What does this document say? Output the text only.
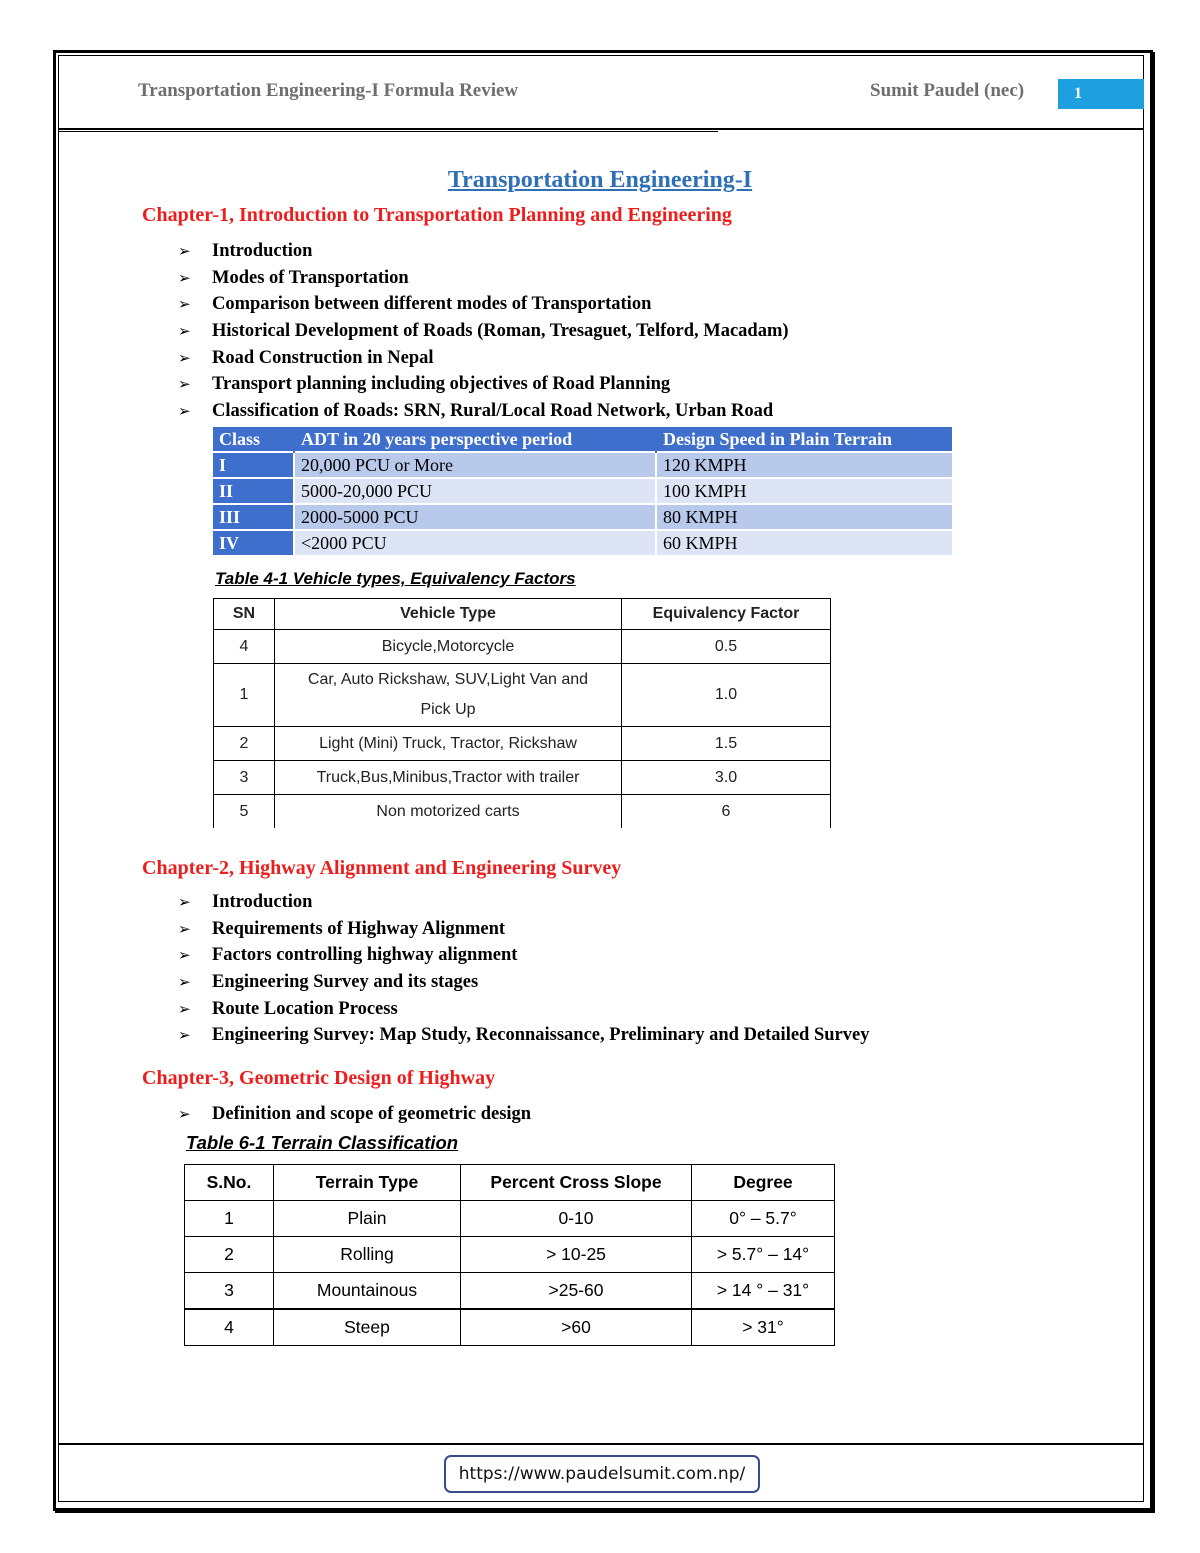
Transportation Engineering-I Formula Review	Sumit Paudel (nec)	1
Transportation Engineering-I
Chapter-1, Introduction to Transportation Planning and Engineering
➢ Introduction
➢ Modes of Transportation
➢ Comparison between different modes of Transportation
➢ Historical Development of Roads (Roman, Tresaguet, Telford, Macadam)
➢ Road Construction in Nepal
➢ Transport planning including objectives of Road Planning
➢ Classification of Roads: SRN, Rural/Local Road Network, Urban Road
Class	ADT in 20 years perspective period	Design Speed in Plain Terrain
I	20,000 PCU or More	120 KMPH
II	5000-20,000 PCU	100 KMPH
III	2000-5000 PCU	80 KMPH
IV	<2000 PCU	60 KMPH
Table 4-1 Vehicle types, Equivalency Factors
SN	Vehicle Type	Equivalency Factor
4	Bicycle,Motorcycle	0.5
1	Car, Auto Rickshaw, SUV,Light Van and Pick Up	1.0
2	Light (Mini) Truck, Tractor, Rickshaw	1.5
3	Truck,Bus,Minibus,Tractor with trailer	3.0
5	Non motorized carts	6
Chapter-2, Highway Alignment and Engineering Survey
➢ Introduction
➢ Requirements of Highway Alignment
➢ Factors controlling highway alignment
➢ Engineering Survey and its stages
➢ Route Location Process
➢ Engineering Survey: Map Study, Reconnaissance, Preliminary and Detailed Survey
Chapter-3, Geometric Design of Highway
➢ Definition and scope of geometric design
Table 6-1 Terrain Classification
S.No.	Terrain Type	Percent Cross Slope	Degree
1	Plain	0-10	0° – 5.7°
2	Rolling	> 10-25	> 5.7° – 14°
3	Mountainous	>25-60	> 14 ° – 31°
4	Steep	>60	> 31°
https://www.paudelsumit.com.np/
